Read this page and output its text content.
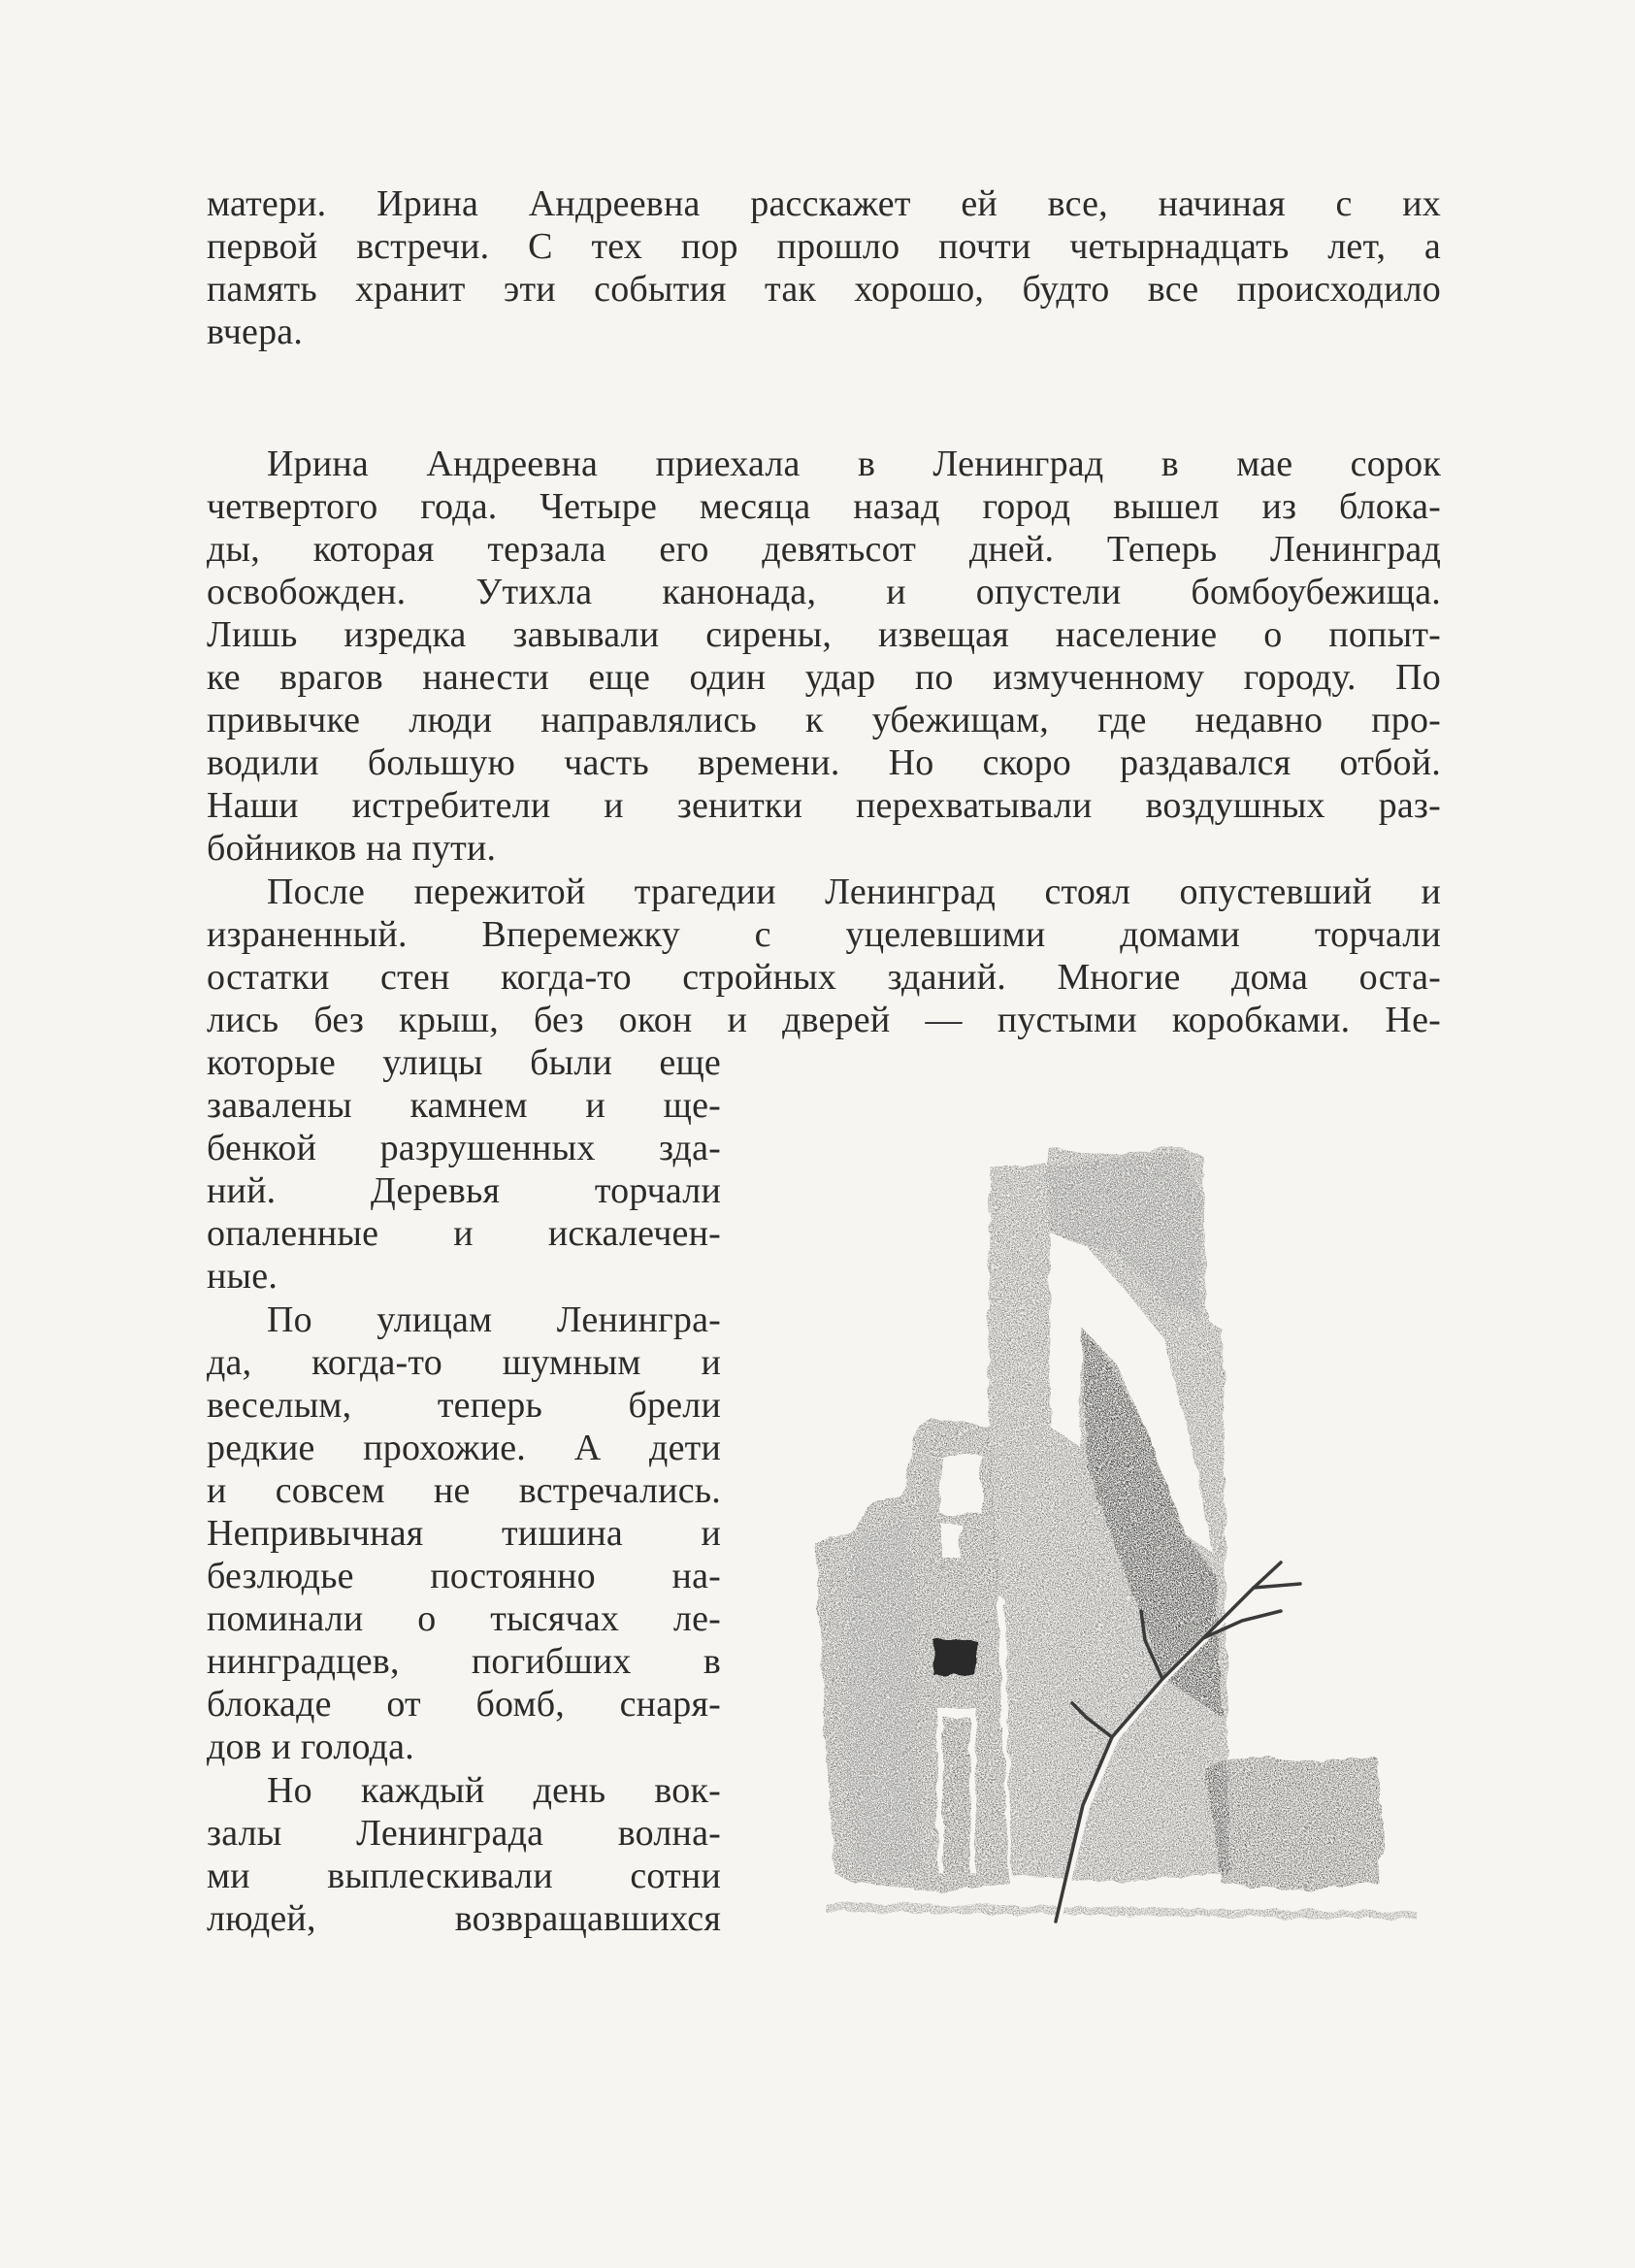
матери. Ирина Андреевна расскажет ей все, начиная с их
первой встречи. С тех пор прошло почти четырнадцать лет, а
память хранит эти события так хорошо, будто все происходило
вчера.
Ирина Андреевна приехала в Ленинград в мае сорок
четвертого года. Четыре месяца назад город вышел из блока-
ды, которая терзала его девятьсот дней. Теперь Ленинград
освобожден. Утихла канонада, и опустели бомбоубежища.
Лишь изредка завывали сирены, извещая население о попыт-
ке врагов нанести еще один удар по измученному городу. По
привычке люди направлялись к убежищам, где недавно про-
водили большую часть времени. Но скоро раздавался отбой.
Наши истребители и зенитки перехватывали воздушных раз-
бойников на пути.
После пережитой трагедии Ленинград стоял опустевший и
израненный. Вперемежку с уцелевшими домами торчали
остатки стен когда-то стройных зданий. Многие дома оста-
лись без крыш, без окон и дверей — пустыми коробками. Не-
которые улицы были еще
завалены камнем и ще-
бенкой разрушенных зда-
ний. Деревья торчали
опаленные и искалечен-
ные.
По улицам Ленингра-
да, когда-то шумным и
веселым, теперь брели
редкие прохожие. А дети
и совсем не встречались.
Непривычная тишина и
безлюдье постоянно на-
поминали о тысячах ле-
нинградцев, погибших в
блокаде от бомб, снаря-
дов и голода.
Но каждый день вок-
залы Ленинграда волна-
ми выплескивали сотни
людей, возвращавшихся
